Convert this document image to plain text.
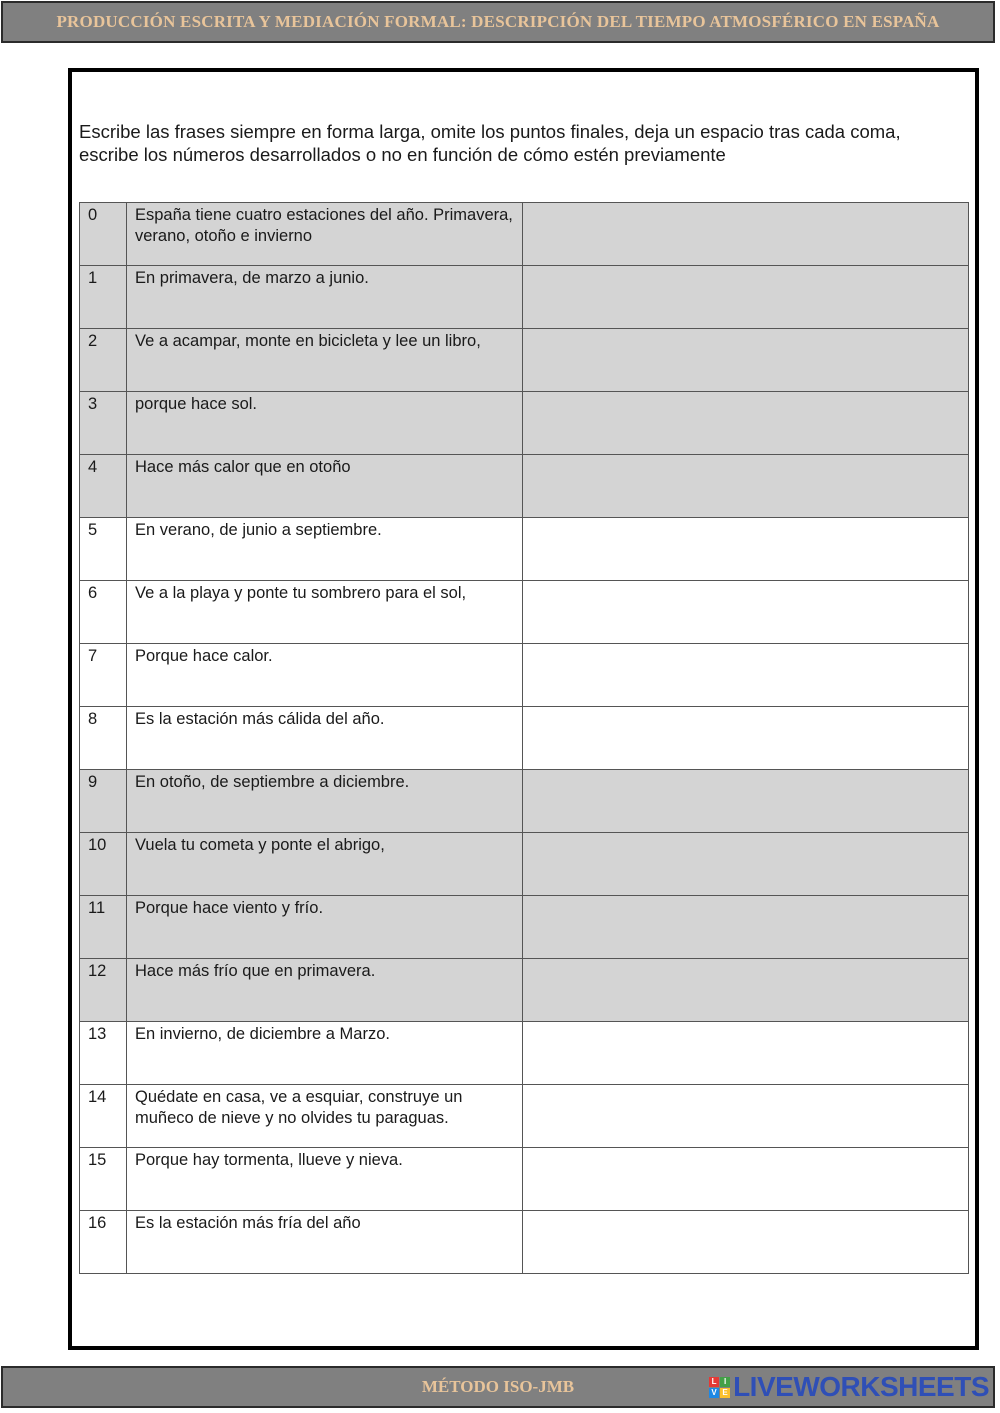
PRODUCCIÓN ESCRITA Y MEDIACIÓN FORMAL: DESCRIPCIÓN DEL TIEMPO ATMOSFÉRICO EN ESPAÑA
Escribe las frases siempre en forma larga, omite los puntos finales, deja un espacio tras cada coma, escribe los números desarrollados o no en función de cómo estén previamente
0	España tiene cuatro estaciones del año. Primavera, verano, otoño e invierno	
1	En primavera, de marzo a junio.	
2	Ve a acampar, monte en bicicleta y lee un libro,	
3	porque hace sol.	
4	Hace más calor que en otoño	
5	En verano, de junio a septiembre.	
6	Ve a la playa y ponte tu sombrero para el sol,	
7	Porque hace calor.	
8	Es la estación más cálida del año.	
9	En otoño, de septiembre a diciembre.	
10	Vuela tu cometa y ponte el abrigo,	
11	Porque hace viento y frío.	
12	Hace más frío que en primavera.	
13	En invierno, de diciembre a Marzo.	
14	Quédate en casa, ve a esquiar, construye un muñeco de nieve y no olvides tu paraguas.	
15	Porque hay tormenta, llueve y nieva.	
16	Es la estación más fría del año	
MÉTODO ISO-JMB	L I
V E LIVEWORKSHEETS
